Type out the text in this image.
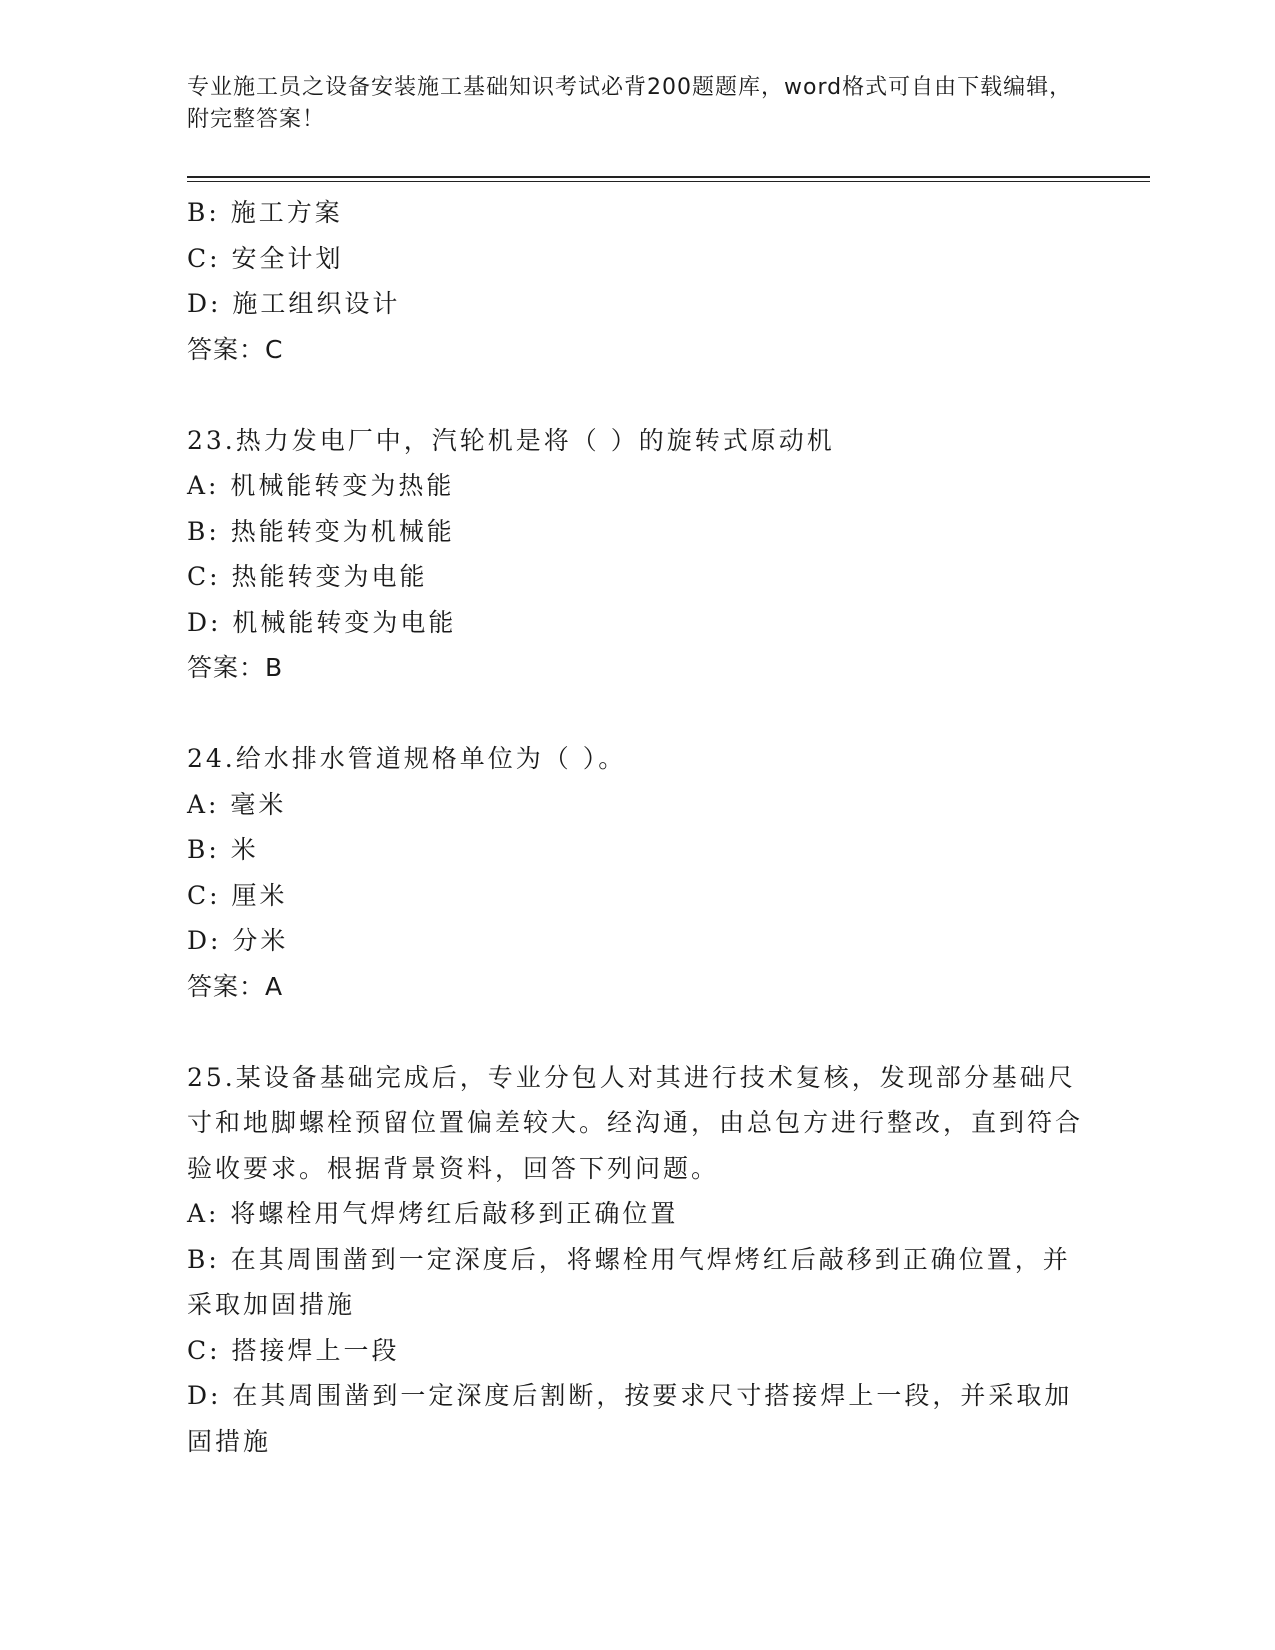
专业施工员之设备安装施工基础知识考试必背200题题库，word格式可自由下载编辑，附完整答案！
B: 施工方案
C: 安全计划
D: 施工组织设计
答案：C
23.热力发电厂中，汽轮机是将（ ）的旋转式原动机
A: 机械能转变为热能
B: 热能转变为机械能
C: 热能转变为电能
D: 机械能转变为电能
答案：B
24.给水排水管道规格单位为（ ）。
A: 毫米
B: 米
C: 厘米
D: 分米
答案：A
25.某设备基础完成后，专业分包人对其进行技术复核，发现部分基础尺寸和地脚螺栓预留位置偏差较大。经沟通，由总包方进行整改，直到符合验收要求。根据背景资料，回答下列问题。
A: 将螺栓用气焊烤红后敲移到正确位置
B: 在其周围凿到一定深度后，将螺栓用气焊烤红后敲移到正确位置，并采取加固措施
C: 搭接焊上一段
D: 在其周围凿到一定深度后割断，按要求尺寸搭接焊上一段，并采取加固措施
